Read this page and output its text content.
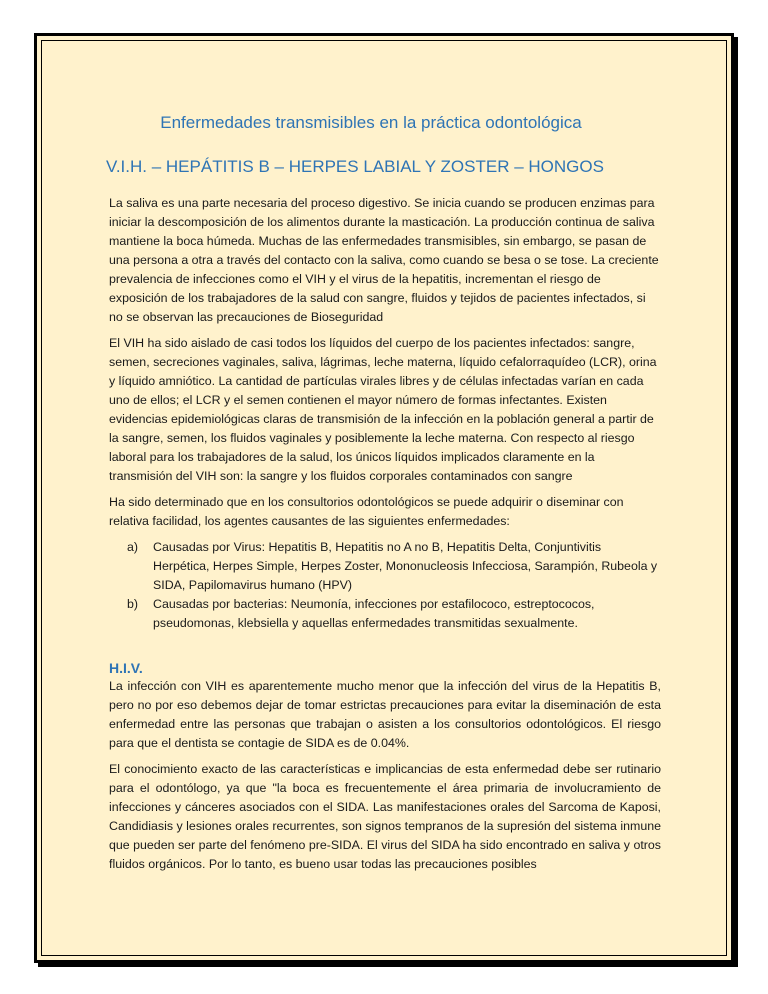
Enfermedades transmisibles en la práctica odontológica
V.I.H. – HEPÁTITIS B – HERPES LABIAL Y ZOSTER – HONGOS

La saliva es una parte necesaria del proceso digestivo. Se inicia cuando se producen enzimas para iniciar la descomposición de los alimentos durante la masticación. La producción continua de saliva mantiene la boca húmeda. Muchas de las enfermedades transmisibles, sin embargo, se pasan de una persona a otra a través del contacto con la saliva, como cuando se besa o se tose. La creciente prevalencia de infecciones como el VIH y el virus de la hepatitis, incrementan el riesgo de exposición de los trabajadores de la salud con sangre, fluidos y tejidos de pacientes infectados, si no se observan las precauciones de Bioseguridad

El VIH ha sido aislado de casi todos los líquidos del cuerpo de los pacientes infectados: sangre, semen, secreciones vaginales, saliva, lágrimas, leche materna, líquido cefalorraquídeo (LCR), orina y líquido amniótico. La cantidad de partículas virales libres y de células infectadas varían en cada uno de ellos; el LCR y el semen contienen el mayor número de formas infectantes. Existen evidencias epidemiológicas claras de transmisión de la infección en la población general a partir de la sangre, semen, los fluidos vaginales y posiblemente la leche materna. Con respecto al riesgo laboral para los trabajadores de la salud, los únicos líquidos implicados claramente en la transmisión del VIH son: la sangre y los fluidos corporales contaminados con sangre

Ha sido determinado que en los consultorios odontológicos se puede adquirir o diseminar con relativa facilidad, los agentes causantes de las siguientes enfermedades:

a) Causadas por Virus: Hepatitis B, Hepatitis no A no B, Hepatitis Delta, Conjuntivitis Herpética, Herpes Simple, Herpes Zoster, Mononucleosis Infecciosa, Sarampión, Rubeola y SIDA, Papilomavirus humano (HPV)
b) Causadas por bacterias: Neumonía, infecciones por estafilococo, estreptococos, pseudomonas, klebsiella y aquellas enfermedades transmitidas sexualmente.
H.I.V.

La infección con VIH es aparentemente mucho menor que la infección del virus de la Hepatitis B, pero no por eso debemos dejar de tomar estrictas precauciones para evitar la diseminación de esta enfermedad entre las personas que trabajan o asisten a los consultorios odontológicos. El riesgo para que el dentista se contagie de SIDA es de 0.04%.

El conocimiento exacto de las características e implicancias de esta enfermedad debe ser rutinario para el odontólogo, ya que "la boca es frecuentemente el área primaria de involucramiento de infecciones y cánceres asociados con el SIDA. Las manifestaciones orales del Sarcoma de Kaposi, Candidiasis y lesiones orales recurrentes, son signos tempranos de la supresión del sistema inmune que pueden ser parte del fenómeno pre-SIDA. El virus del SIDA ha sido encontrado en saliva y otros fluidos orgánicos. Por lo tanto, es bueno usar todas las precauciones posibles
